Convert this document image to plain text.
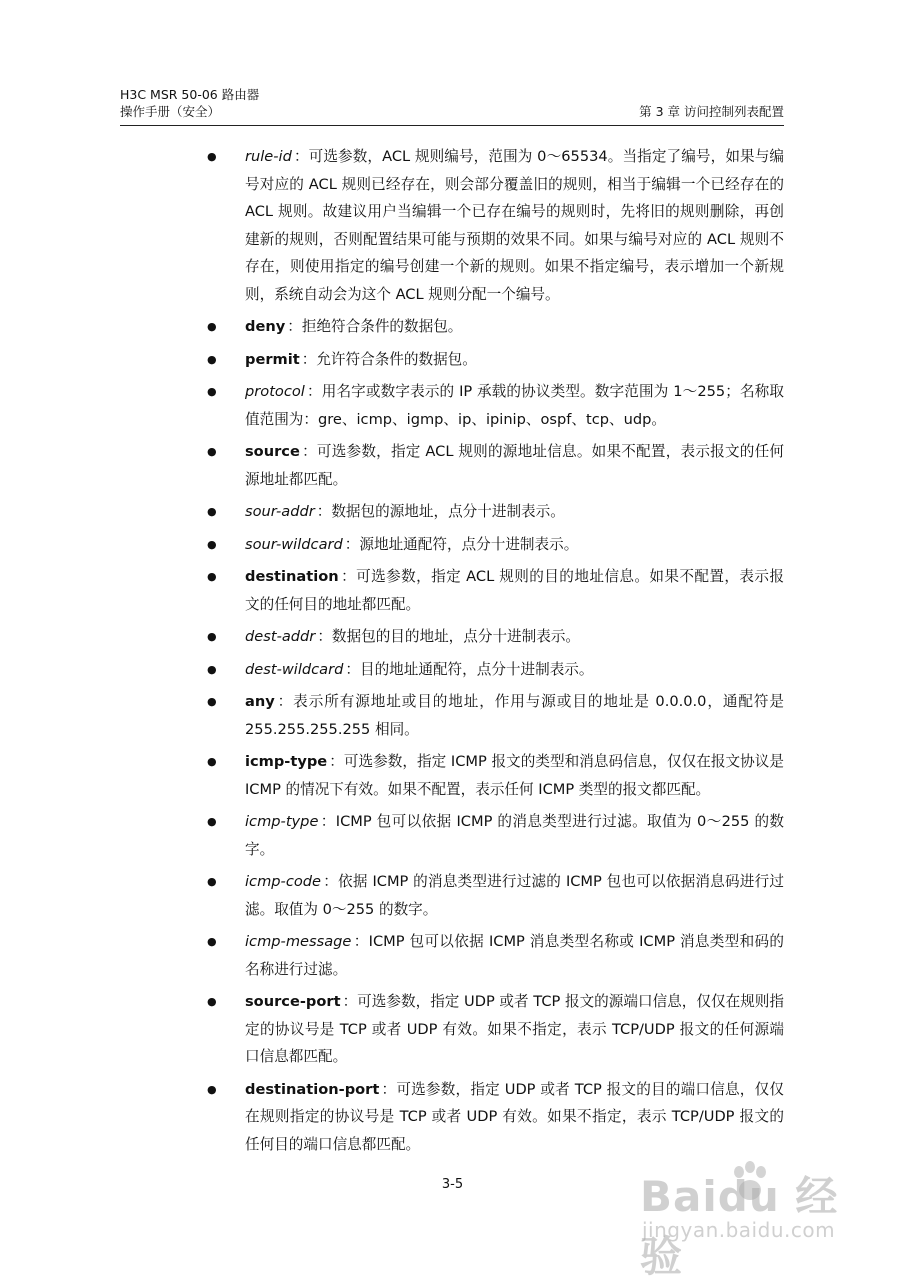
H3C MSR 50-06 路由器
操作手册（安全）	第 3 章 访问控制列表配置
●	rule-id ：可选参数，ACL 规则编号，范围为 0～65534。当指定了编号，如果与编号对应的 ACL 规则已经存在，则会部分覆盖旧的规则，相当于编辑一个已经存在的 ACL 规则。故建议用户当编辑一个已存在编号的规则时，先将旧的规则删除，再创建新的规则，否则配置结果可能与预期的效果不同。如果与编号对应的 ACL 规则不存在，则使用指定的编号创建一个新的规则。如果不指定编号，表示增加一个新规则，系统自动会为这个 ACL 规则分配一个编号。
●	deny ：拒绝符合条件的数据包。
●	permit ：允许符合条件的数据包。
●	protocol ：用名字或数字表示的 IP 承载的协议类型。数字范围为 1～255；名称取值范围为：gre、icmp、igmp、ip、ipinip、ospf、tcp、udp。
●	source ：可选参数，指定 ACL 规则的源地址信息。如果不配置，表示报文的任何源地址都匹配。
●	sour-addr ：数据包的源地址，点分十进制表示。
●	sour-wildcard ：源地址通配符，点分十进制表示。
●	destination ：可选参数，指定 ACL 规则的目的地址信息。如果不配置，表示报文的任何目的地址都匹配。
●	dest-addr ：数据包的目的地址，点分十进制表示。
●	dest-wildcard ：目的地址通配符，点分十进制表示。
●	any ：表示所有源地址或目的地址，作用与源或目的地址是 0.0.0.0，通配符是 255.255.255.255 相同。
●	icmp-type ：可选参数，指定 ICMP 报文的类型和消息码信息，仅仅在报文协议是 ICMP 的情况下有效。如果不配置，表示任何 ICMP 类型的报文都匹配。
●	icmp-type ：ICMP 包可以依据 ICMP 的消息类型进行过滤。取值为 0～255 的数字。
●	icmp-code ：依据 ICMP 的消息类型进行过滤的 ICMP 包也可以依据消息码进行过滤。取值为 0～255 的数字。
●	icmp-message ：ICMP 包可以依据 ICMP 消息类型名称或 ICMP 消息类型和码的名称进行过滤。
●	source-port ：可选参数，指定 UDP 或者 TCP 报文的源端口信息，仅仅在规则指定的协议号是 TCP 或者 UDP 有效。如果不指定，表示 TCP/UDP 报文的任何源端口信息都匹配。
●	destination-port ：可选参数，指定 UDP 或者 TCP 报文的目的端口信息，仅仅在规则指定的协议号是 TCP 或者 UDP 有效。如果不指定，表示 TCP/UDP 报文的任何目的端口信息都匹配。
3-5	Baidu 经验
jingyan.baidu.com
